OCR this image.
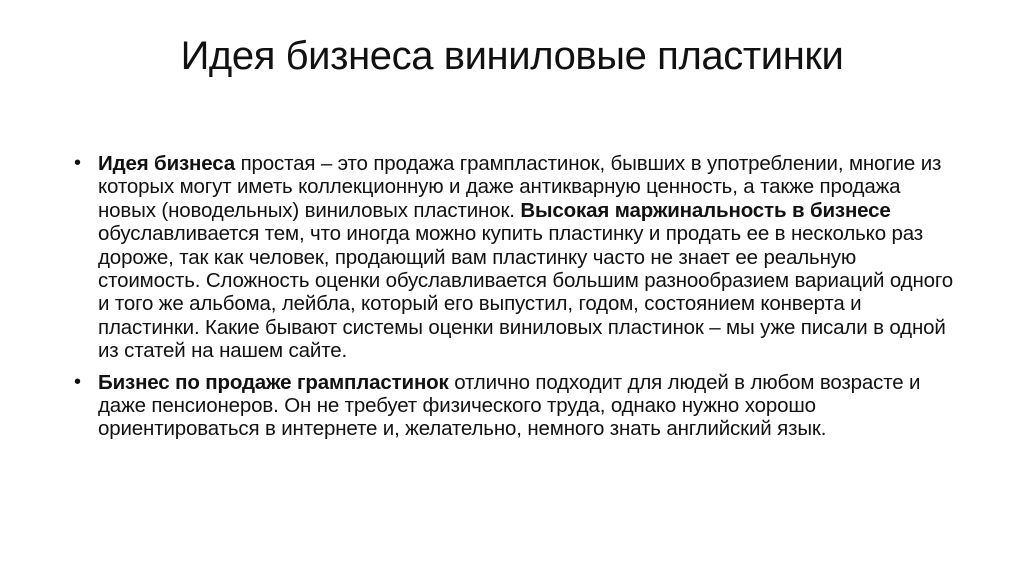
Идея бизнеса виниловые пластинки
• Идея бизнеса простая – это продажа грампластинок, бывших в употреблении, многие из которых могут иметь коллекционную и даже антикварную ценность, а также продажа новых (новодельных) виниловых пластинок. Высокая маржинальность в бизнесе обуславливается тем, что иногда можно купить пластинку и продать ее в несколько раз дороже, так как человек, продающий вам пластинку часто не знает ее реальную стоимость. Сложность оценки обуславливается большим разнообразием вариаций одного и того же альбома, лейбла, который его выпустил, годом, состоянием конверта и пластинки. Какие бывают системы оценки виниловых пластинок – мы уже писали в одной из статей на нашем сайте.
• Бизнес по продаже грампластинок отлично подходит для людей в любом возрасте и даже пенсионеров. Он не требует физического труда, однако нужно хорошо ориентироваться в интернете и, желательно, немного знать английский язык.
